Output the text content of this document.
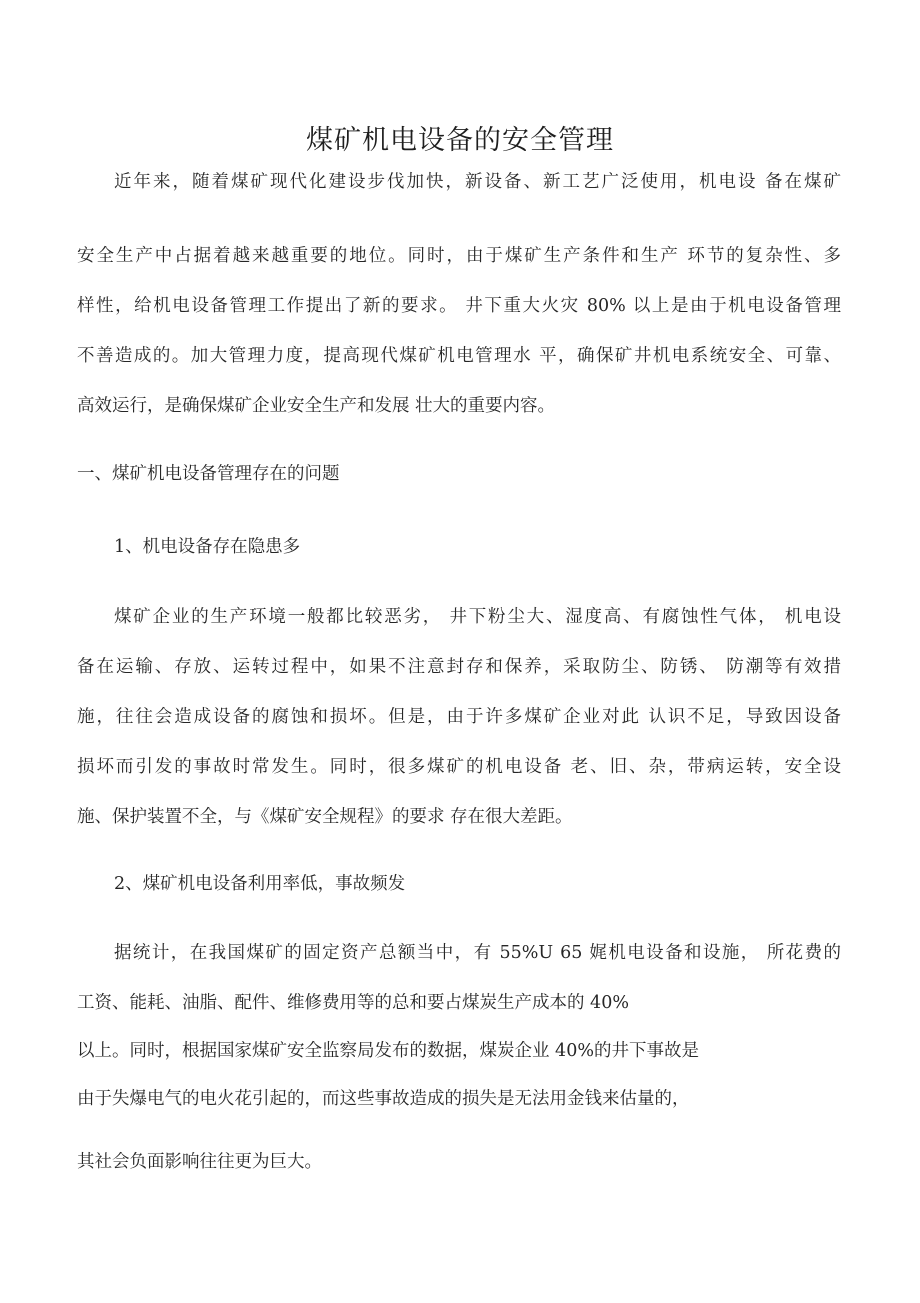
煤矿机电设备的安全管理
近年来，随着煤矿现代化建设步伐加快，新设备、新工艺广泛使用，机电设 备在煤矿
安全生产中占据着越来越重要的地位。同时，由于煤矿生产条件和生产 环节的复杂性、多
样性，给机电设备管理工作提出了新的要求。 井下重大火灾 80% 以上是由于机电设备管理
不善造成的。加大管理力度，提高现代煤矿机电管理水 平，确保矿井机电系统安全、可靠、
高效运行，是确保煤矿企业安全生产和发展 壮大的重要内容。
一、煤矿机电设备管理存在的问题
1、机电设备存在隐患多
煤矿企业的生产环境一般都比较恶劣， 井下粉尘大、湿度高、有腐蚀性气体， 机电设
备在运输、存放、运转过程中，如果不注意封存和保养，采取防尘、防锈、 防潮等有效措
施，往往会造成设备的腐蚀和损坏。但是，由于许多煤矿企业对此 认识不足，导致因设备
损坏而引发的事故时常发生。同时，很多煤矿的机电设备 老、旧、杂，带病运转，安全设
施、保护装置不全，与《煤矿安全规程》的要求 存在很大差距。
2、煤矿机电设备利用率低，事故频发
据统计，在我国煤矿的固定资产总额当中，有 55%U 65 娓机电设备和设施， 所花费的
工资、能耗、油脂、配件、维修费用等的总和要占煤炭生产成本的 40%
以上。同时，根据国家煤矿安全监察局发布的数据，煤炭企业 40%的井下事故是
由于失爆电气的电火花引起的，而这些事故造成的损失是无法用金钱来估量的，
其社会负面影响往往更为巨大。
